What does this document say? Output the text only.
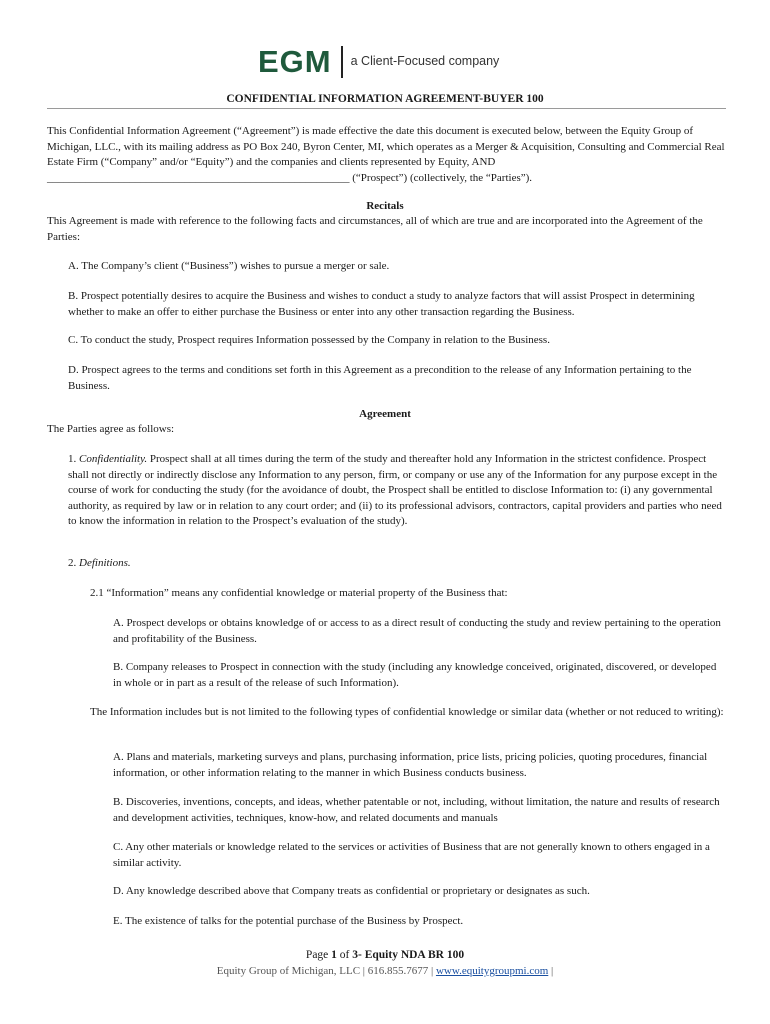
EGM a Client-Focused company
CONFIDENTIAL INFORMATION AGREEMENT-BUYER 100
This Confidential Information Agreement (“Agreement”) is made effective the date this document is executed below, between the Equity Group of Michigan, LLC., with its mailing address as PO Box 240, Byron Center, MI, which operates as a Merger & Acquisition, Consulting and Commercial Real Estate Firm (“Company” and/or “Equity”) and the companies and clients represented by Equity, AND _______________________________________________________ (“Prospect”) (collectively, the “Parties”).
Recitals
This Agreement is made with reference to the following facts and circumstances, all of which are true and are incorporated into the Agreement of the Parties:
A. The Company’s client (“Business”) wishes to pursue a merger or sale.
B. Prospect potentially desires to acquire the Business and wishes to conduct a study to analyze factors that will assist Prospect in determining whether to make an offer to either purchase the Business or enter into any other transaction regarding the Business.
C. To conduct the study, Prospect requires Information possessed by the Company in relation to the Business.
D. Prospect agrees to the terms and conditions set forth in this Agreement as a precondition to the release of any Information pertaining to the Business.
Agreement
The Parties agree as follows:
1. Confidentiality. Prospect shall at all times during the term of the study and thereafter hold any Information in the strictest confidence. Prospect shall not directly or indirectly disclose any Information to any person, firm, or company or use any of the Information for any purpose except in the course of work for conducting the study (for the avoidance of doubt, the Prospect shall be entitled to disclose Information to: (i) any governmental authority, as required by law or in relation to any court order; and (ii) to its professional advisors, contractors, capital providers and parties who need to know the information in relation to the Prospect’s evaluation of the study).
2. Definitions.
2.1 “Information” means any confidential knowledge or material property of the Business that:
A. Prospect develops or obtains knowledge of or access to as a direct result of conducting the study and review pertaining to the operation and profitability of the Business.
B. Company releases to Prospect in connection with the study (including any knowledge conceived, originated, discovered, or developed in whole or in part as a result of the release of such Information).
The Information includes but is not limited to the following types of confidential knowledge or similar data (whether or not reduced to writing):
A. Plans and materials, marketing surveys and plans, purchasing information, price lists, pricing policies, quoting procedures, financial information, or other information relating to the manner in which Business conducts business.
B. Discoveries, inventions, concepts, and ideas, whether patentable or not, including, without limitation, the nature and results of research and development activities, techniques, know-how, and related documents and manuals
C. Any other materials or knowledge related to the services or activities of Business that are not generally known to others engaged in a similar activity.
D. Any knowledge described above that Company treats as confidential or proprietary or designates as such.
E. The existence of talks for the potential purchase of the Business by Prospect.
Page 1 of 3- Equity NDA BR 100
Equity Group of Michigan, LLC | 616.855.7677 | www.equitygroupmi.com |
